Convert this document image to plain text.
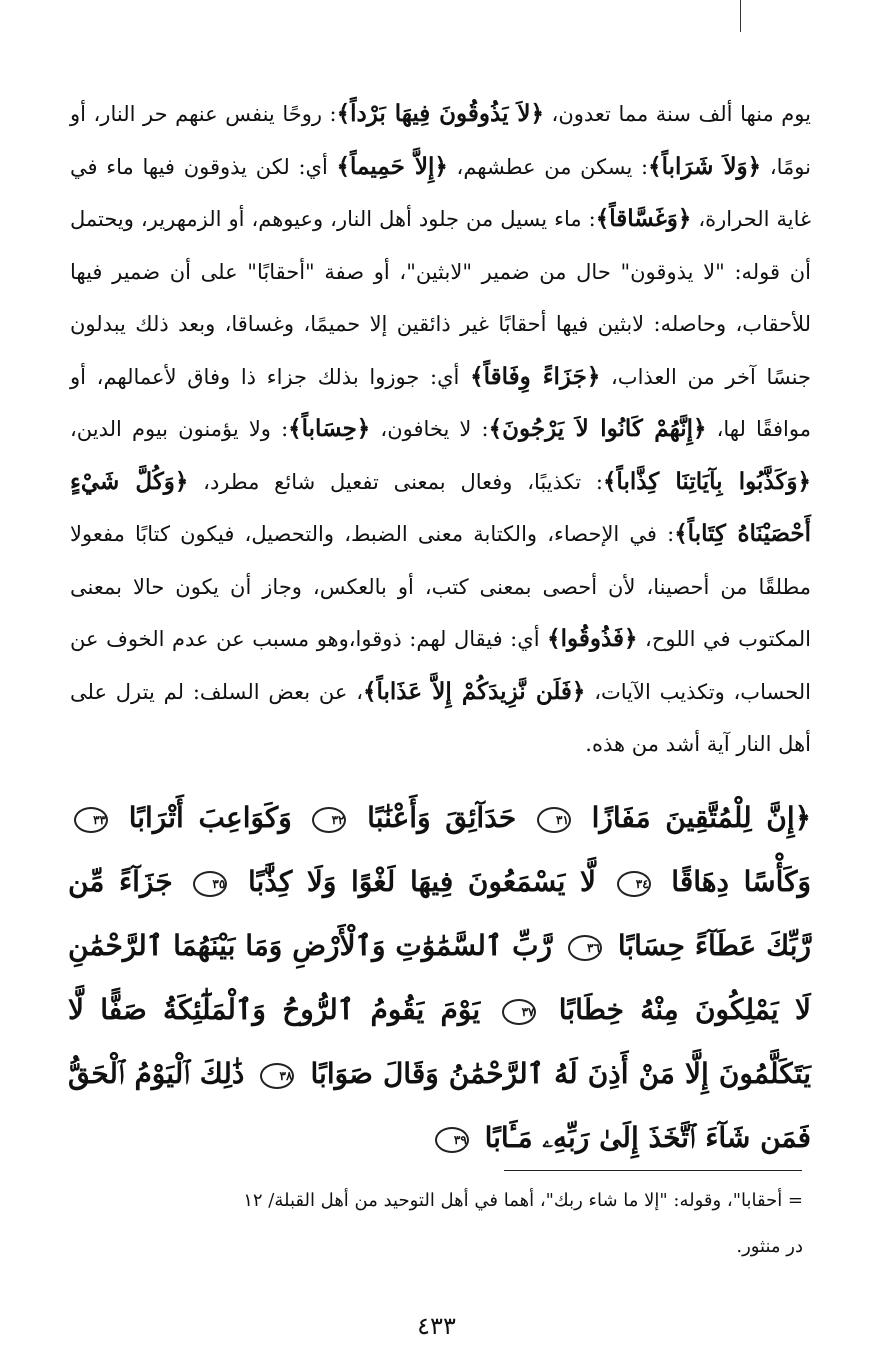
يوم منها ألف سنة مما تعدون، ﴿لاَ يَذُوقُونَ فِيهَا بَرْداً﴾: روحًا ينفس عنهم حر النار، أو نومًا، ﴿وَلاَ شَرَاباً﴾: يسكن من عطشهم، ﴿إِلاَّ حَمِيماً﴾ أي: لكن يذوقون فيها ماء في غاية الحرارة، ﴿وَغَسَّاقاً﴾: ماء يسيل من جلود أهل النار، وعيوهم، أو الزمهرير، ويحتمل أن قوله: "لا يذوقون" حال من ضمير "لابثين"، أو صفة "أحقابًا" على أن ضمير فيها للأحقاب، وحاصله: لابثين فيها أحقابًا غير ذائقين إلا حميمًا، وغساقا، وبعد ذلك يبدلون جنسًا آخر من العذاب، ﴿جَزَاءً وِفَاقاً﴾ أي: جوزوا بذلك جزاء ذا وفاق لأعمالهم، أو موافقًا لها، ﴿إِنَّهُمْ كَانُوا لاَ يَرْجُونَ﴾: لا يخافون، ﴿حِسَاباً﴾: ولا يؤمنون بيوم الدين، ﴿وَكَذَّبُوا بِآيَاتِنَا كِذَّاباً﴾: تكذيبًا، وفعال بمعنى تفعيل شائع مطرد، ﴿وَكُلَّ شَيْءٍ أَحْصَيْنَاهُ كِتَاباً﴾: في الإحصاء، والكتابة معنى الضبط، والتحصيل، فيكون كتابًا مفعولا مطلقًا من أحصينا، لأن أحصى بمعنى كتب، أو بالعكس، وجاز أن يكون حالا بمعنى المكتوب في اللوح، ﴿فَذُوقُوا﴾ أي: فيقال لهم: ذوقوا،وهو مسبب عن عدم الخوف عن الحساب، وتكذيب الآيات، ﴿فَلَن نَّزِيدَكُمْ إِلاَّ عَذَاباً﴾، عن بعض السلف: لم يترل على أهل النار آية أشد من هذه.
﴿إِنَّ لِلْمُتَّقِينَ مَفَازًا ٣١ حَدَآئِقَ وَأَعْنَٰبًا ٣٢ وَكَوَاعِبَ أَتْرَابًا ٣٣ وَكَأْسًا دِهَاقًا ٣٤ لَّا يَسْمَعُونَ فِيهَا لَغْوًا وَلَا كِذَّٰبًا ٣٥ جَزَآءً مِّن رَّبِّكَ عَطَآءً حِسَابًا ٣٦ رَّبِّ ٱلسَّمَٰوَٰتِ وَٱلْأَرْضِ وَمَا بَيْنَهُمَا ٱلرَّحْمَٰنِ لَا يَمْلِكُونَ مِنْهُ خِطَابًا ٣٧ يَوْمَ يَقُومُ ٱلرُّوحُ وَٱلْمَلَٰٓئِكَةُ صَفًّا لَّا يَتَكَلَّمُونَ إِلَّا مَنْ أَذِنَ لَهُ ٱلرَّحْمَٰنُ وَقَالَ صَوَابًا ٣٨ ذَٰلِكَ ٱلْيَوْمُ ٱلْحَقُّ فَمَن شَآءَ ٱتَّخَذَ إِلَىٰ رَبِّهِۦ مَـَٔابًا ٣٩
= أحقابا"، وقوله: "إلا ما شاء ربك"، أهما في أهل التوحيد من أهل القبلة/ ١٢
در منثور.
٤٣٣
